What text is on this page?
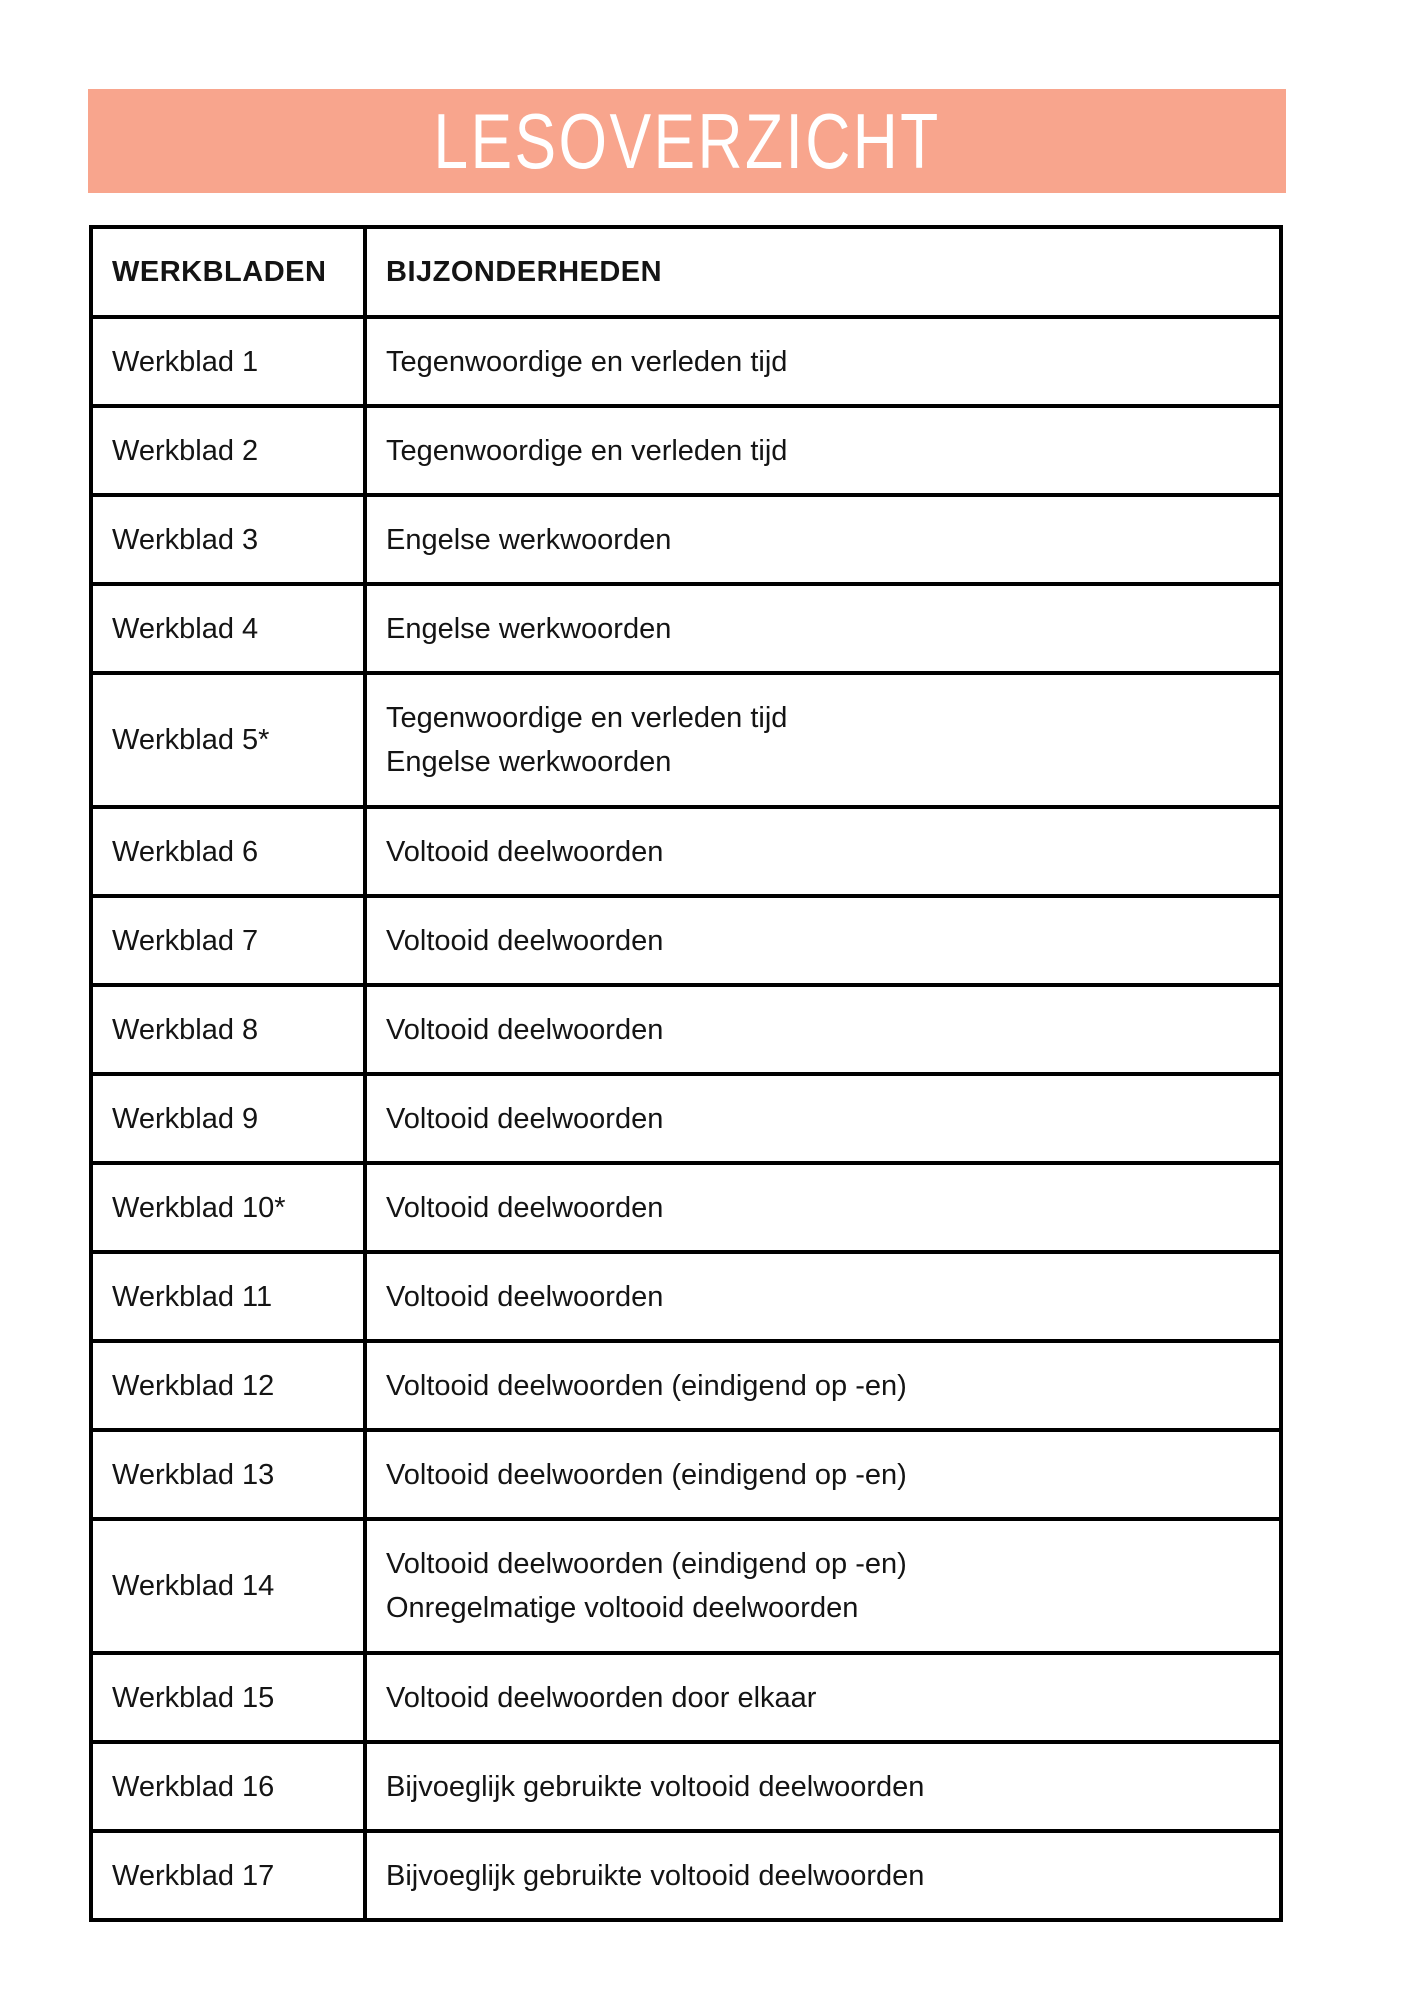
LESOVERZICHT
WERKBLADEN	BIJZONDERHEDEN
Werkblad 1	Tegenwoordige en verleden tijd

Werkblad 2	Tegenwoordige en verleden tijd

Werkblad 3	Engelse werkwoorden

Werkblad 4	Engelse werkwoorden

Werkblad 5*	Tegenwoordige en verleden tijd
Engelse werkwoorden

Werkblad 6	Voltooid deelwoorden

Werkblad 7	Voltooid deelwoorden

Werkblad 8	Voltooid deelwoorden

Werkblad 9	Voltooid deelwoorden

Werkblad 10*	Voltooid deelwoorden

Werkblad 11	Voltooid deelwoorden

Werkblad 12	Voltooid deelwoorden (eindigend op -en)

Werkblad 13	Voltooid deelwoorden (eindigend op -en)

Werkblad 14	Voltooid deelwoorden (eindigend op -en)
Onregelmatige voltooid deelwoorden

Werkblad 15	Voltooid deelwoorden door elkaar

Werkblad 16	Bijvoeglijk gebruikte voltooid deelwoorden

Werkblad 17	Bijvoeglijk gebruikte voltooid deelwoorden
